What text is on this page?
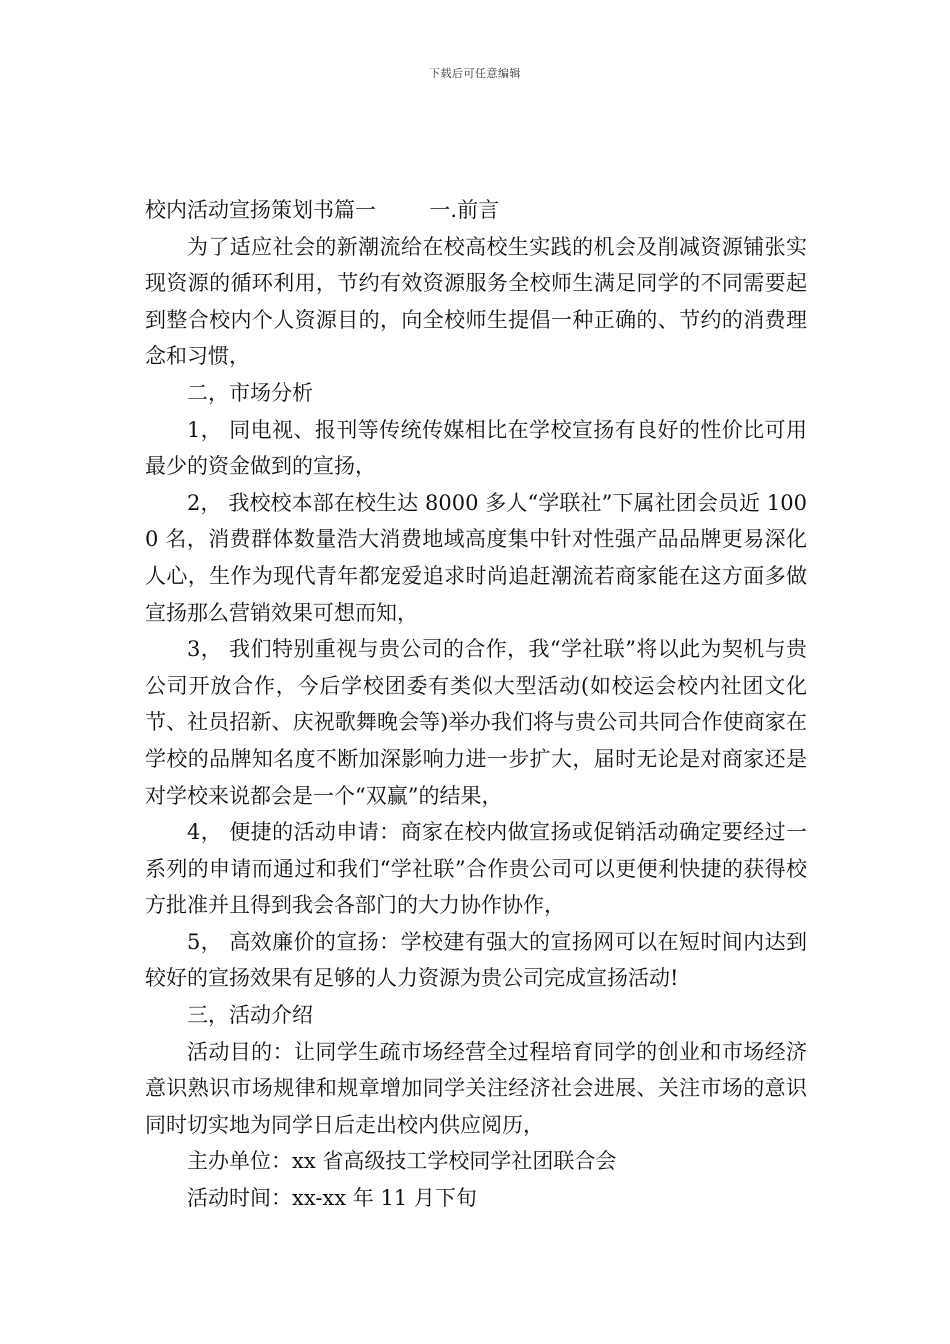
下载后可任意编辑

校内活动宣扬策划书篇一        一.前言

为了适应社会的新潮流给在校高校生实践的机会及削减资源铺张实现资源的循环利用，节约有效资源服务全校师生满足同学的不同需要起到整合校内个人资源目的，向全校师生提倡一种正确的、节约的消费理念和习惯，

二，市场分析

1， 同电视、报刊等传统传媒相比在学校宣扬有良好的性价比可用最少的资金做到的宣扬，

2， 我校校本部在校生达 8000 多人“学联社”下属社团会员近 1000 名，消费群体数量浩大消费地域高度集中针对性强产品品牌更易深化人心，生作为现代青年都宠爱追求时尚追赶潮流若商家能在这方面多做宣扬那么营销效果可想而知，

3， 我们特别重视与贵公司的合作，我“学社联”将以此为契机与贵公司开放合作，今后学校团委有类似大型活动(如校运会校内社团文化节、社员招新、庆祝歌舞晚会等)举办我们将与贵公司共同合作使商家在学校的品牌知名度不断加深影响力进一步扩大，届时无论是对商家还是对学校来说都会是一个“双赢”的结果，

4， 便捷的活动申请：商家在校内做宣扬或促销活动确定要经过一系列的申请而通过和我们“学社联”合作贵公司可以更便利快捷的获得校方批准并且得到我会各部门的大力协作协作，

5， 高效廉价的宣扬：学校建有强大的宣扬网可以在短时间内达到较好的宣扬效果有足够的人力资源为贵公司完成宣扬活动!

三，活动介绍

活动目的：让同学生疏市场经营全过程培育同学的创业和市场经济意识熟识市场规律和规章增加同学关注经济社会进展、关注市场的意识同时切实地为同学日后走出校内供应阅历，

主办单位：xx 省高级技工学校同学社团联合会

活动时间：xx-xx 年 11 月下旬
